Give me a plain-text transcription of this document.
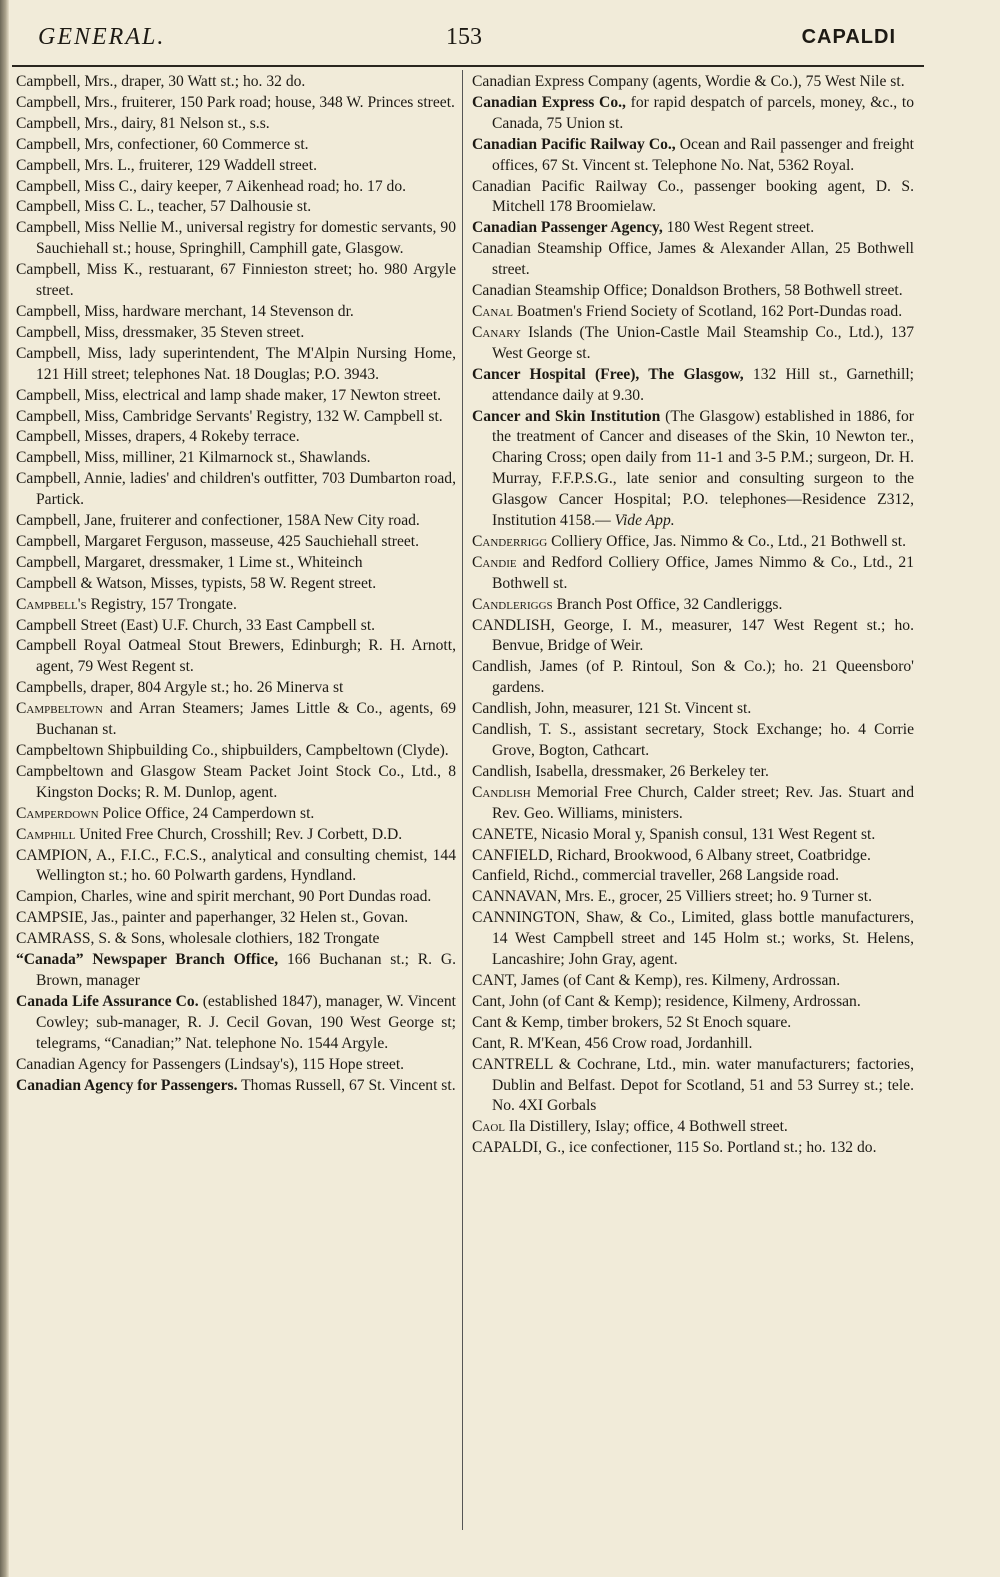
GENERAL.	153	CAPALDI

Campbell, Mrs., draper, 30 Watt st.; ho. 32 do.

Campbell, Mrs., fruiterer, 150 Park road; house, 348 W. Princes street.

Campbell, Mrs., dairy, 81 Nelson st., s.s.

Campbell, Mrs, confectioner, 60 Commerce st.

Campbell, Mrs. L., fruiterer, 129 Waddell street.

Campbell, Miss C., dairy keeper, 7 Aikenhead road; ho. 17 do.

Campbell, Miss C. L., teacher, 57 Dalhousie st.

Campbell, Miss Nellie M., universal registry for domestic servants, 90 Sauchiehall st.; house, Springhill, Camphill gate, Glasgow.

Campbell, Miss K., restuarant, 67 Finnieston street; ho. 980 Argyle street.

Campbell, Miss, hardware merchant, 14 Stevenson dr.

Campbell, Miss, dressmaker, 35 Steven street.

Campbell, Miss, lady superintendent, The M'Alpin Nursing Home, 121 Hill street; telephones Nat. 18 Douglas; P.O. 3943.

Campbell, Miss, electrical and lamp shade maker, 17 Newton street.

Campbell, Miss, Cambridge Servants' Registry, 132 W. Campbell st.

Campbell, Misses, drapers, 4 Rokeby terrace.

Campbell, Miss, milliner, 21 Kilmarnock st., Shawlands.

Campbell, Annie, ladies' and children's outfitter, 703 Dumbarton road, Partick.

Campbell, Jane, fruiterer and confectioner, 158A New City road.

Campbell, Margaret Ferguson, masseuse, 425 Sauchiehall street.

Campbell, Margaret, dressmaker, 1 Lime st., Whiteinch

Campbell & Watson, Misses, typists, 58 W. Regent street.

Campbell's Registry, 157 Trongate.

Campbell Street (East) U.F. Church, 33 East Campbell st.

Campbell Royal Oatmeal Stout Brewers, Edinburgh; R. H. Arnott, agent, 79 West Regent st.

Campbells, draper, 804 Argyle st.; ho. 26 Minerva st

Campbeltown and Arran Steamers; James Little & Co., agents, 69 Buchanan st.

Campbeltown Shipbuilding Co., shipbuilders, Campbeltown (Clyde).

Campbeltown and Glasgow Steam Packet Joint Stock Co., Ltd., 8 Kingston Docks; R. M. Dunlop, agent.

Camperdown Police Office, 24 Camperdown st.

Camphill United Free Church, Crosshill; Rev. J Corbett, D.D.

CAMPION, A., F.I.C., F.C.S., analytical and consulting chemist, 144 Wellington st.; ho. 60 Polwarth gardens, Hyndland.

Campion, Charles, wine and spirit merchant, 90 Port Dundas road.

CAMPSIE, Jas., painter and paperhanger, 32 Helen st., Govan.

CAMRASS, S. & Sons, wholesale clothiers, 182 Trongate

“Canada” Newspaper Branch Office, 166 Buchanan st.; R. G. Brown, manager

Canada Life Assurance Co. (established 1847), manager, W. Vincent Cowley; sub-manager, R. J. Cecil Govan, 190 West George st; telegrams, “Canadian;” Nat. telephone No. 1544 Argyle.

Canadian Agency for Passengers (Lindsay's), 115 Hope street.

Canadian Agency for Passengers. Thomas Russell, 67 St. Vincent st.

Canadian Express Company (agents, Wordie & Co.), 75 West Nile st.

Canadian Express Co., for rapid despatch of parcels, money, &c., to Canada, 75 Union st.

Canadian Pacific Railway Co., Ocean and Rail passenger and freight offices, 67 St. Vincent st. Telephone No. Nat, 5362 Royal.

Canadian Pacific Railway Co., passenger booking agent, D. S. Mitchell 178 Broomielaw.

Canadian Passenger Agency, 180 West Regent street.

Canadian Steamship Office, James & Alexander Allan, 25 Bothwell street.

Canadian Steamship Office; Donaldson Brothers, 58 Bothwell street.

Canal Boatmen's Friend Society of Scotland, 162 Port-Dundas road.

Canary Islands (The Union-Castle Mail Steamship Co., Ltd.), 137 West George st.

Cancer Hospital (Free), The Glasgow, 132 Hill st., Garnethill; attendance daily at 9.30.

Cancer and Skin Institution (The Glasgow) established in 1886, for the treatment of Cancer and diseases of the Skin, 10 Newton ter., Charing Cross; open daily from 11-1 and 3-5 P.M.; surgeon, Dr. H. Murray, F.F.P.S.G., late senior and consulting surgeon to the Glasgow Cancer Hospital; P.O. telephones—Residence Z312, Institution 4158.— Vide App.

Canderrigg Colliery Office, Jas. Nimmo & Co., Ltd., 21 Bothwell st.

Candie and Redford Colliery Office, James Nimmo & Co., Ltd., 21 Bothwell st.

Candleriggs Branch Post Office, 32 Candleriggs.

CANDLISH, George, I. M., measurer, 147 West Regent st.; ho. Benvue, Bridge of Weir.

Candlish, James (of P. Rintoul, Son & Co.); ho. 21 Queensboro' gardens.

Candlish, John, measurer, 121 St. Vincent st.

Candlish, T. S., assistant secretary, Stock Exchange; ho. 4 Corrie Grove, Bogton, Cathcart.

Candlish, Isabella, dressmaker, 26 Berkeley ter.

Candlish Memorial Free Church, Calder street; Rev. Jas. Stuart and Rev. Geo. Williams, ministers.

CANETE, Nicasio Moral y, Spanish consul, 131 West Regent st.

CANFIELD, Richard, Brookwood, 6 Albany street, Coatbridge.

Canfield, Richd., commercial traveller, 268 Langside road.

CANNAVAN, Mrs. E., grocer, 25 Villiers street; ho. 9 Turner st.

CANNINGTON, Shaw, & Co., Limited, glass bottle manufacturers, 14 West Campbell street and 145 Holm st.; works, St. Helens, Lancashire; John Gray, agent.

CANT, James (of Cant & Kemp), res. Kilmeny, Ardrossan.

Cant, John (of Cant & Kemp); residence, Kilmeny, Ardrossan.

Cant & Kemp, timber brokers, 52 St Enoch square.

Cant, R. M'Kean, 456 Crow road, Jordanhill.

CANTRELL & Cochrane, Ltd., min. water manufacturers; factories, Dublin and Belfast. Depot for Scotland, 51 and 53 Surrey st.; tele. No. 4XI Gorbals

Caol Ila Distillery, Islay; office, 4 Bothwell street.

CAPALDI, G., ice confectioner, 115 So. Portland st.; ho. 132 do.
